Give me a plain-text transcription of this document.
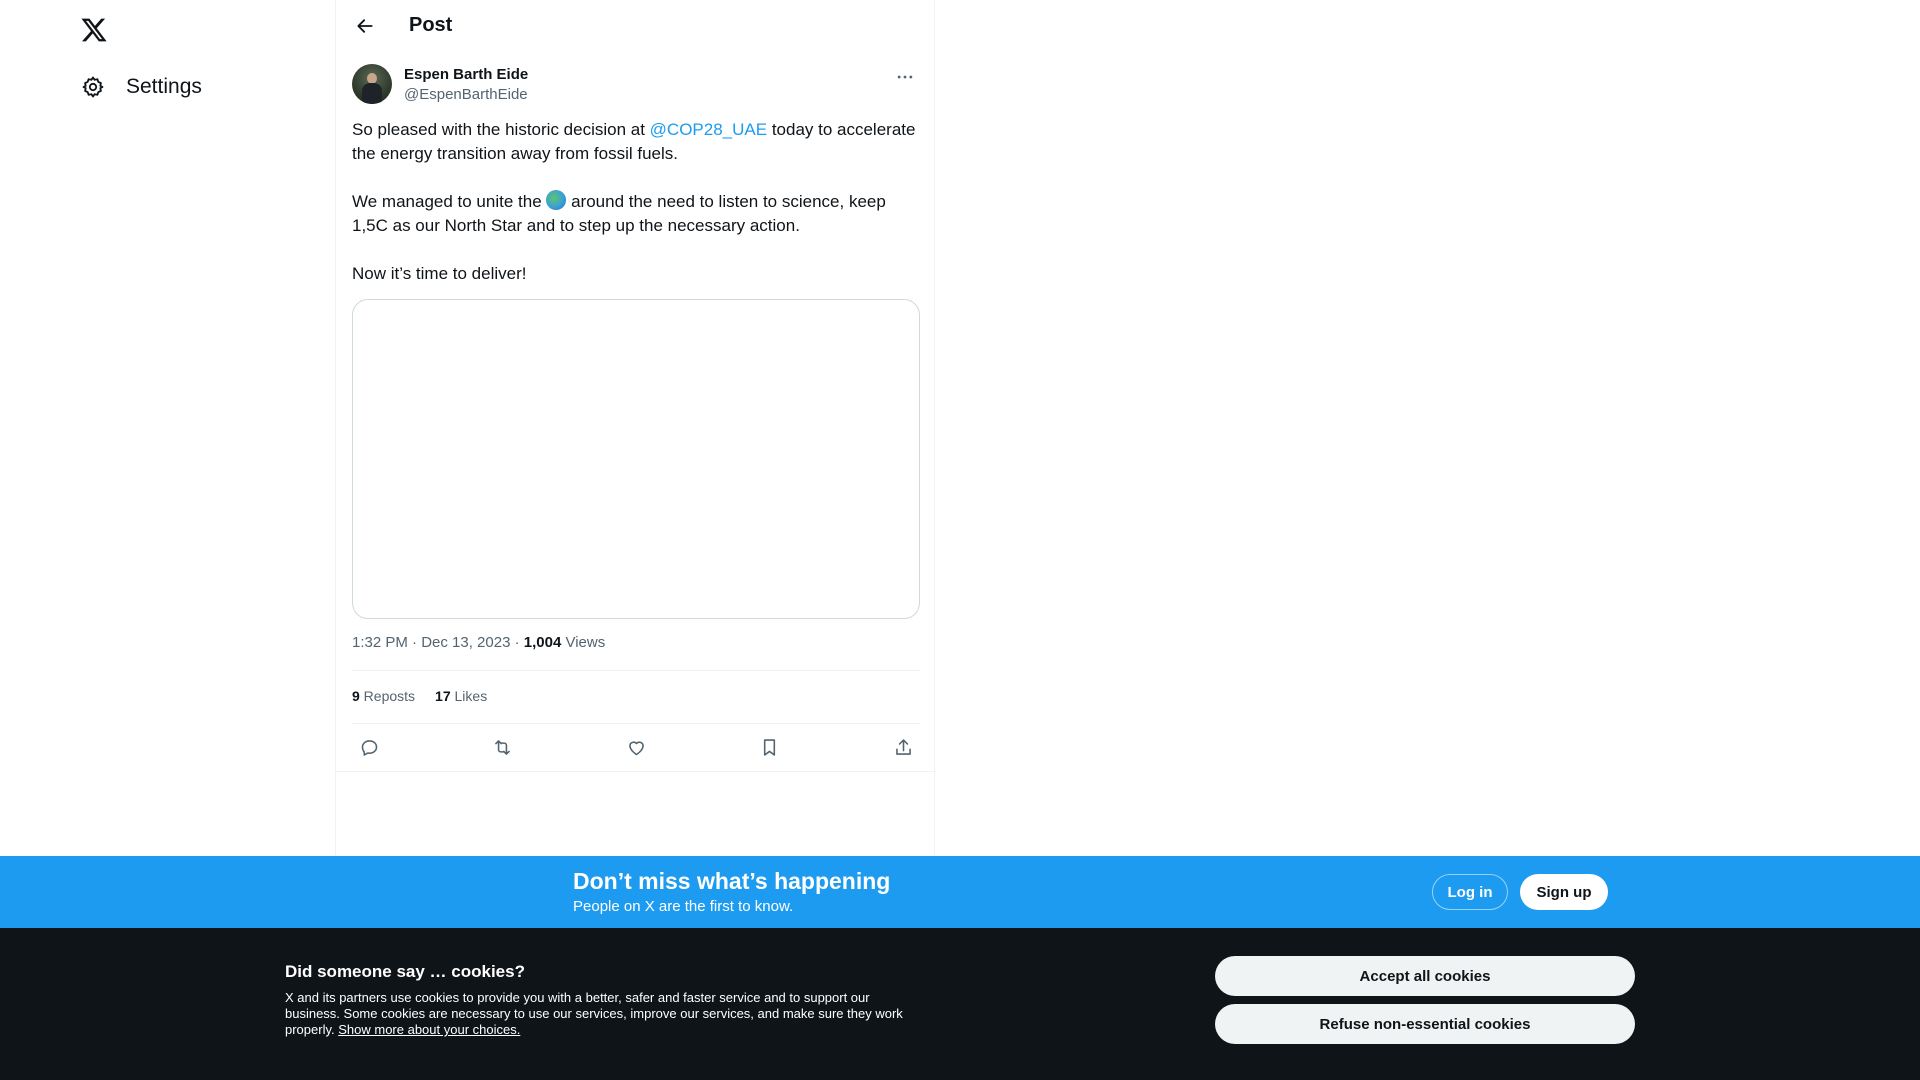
Settings
Post
Espen Barth Eide
@EspenBarthEide

So pleased with the historic decision at @COP28_UAE today to accelerate the energy transition away from fossil fuels.

We managed to unite the  around the need to listen to science, keep 1,5C as our North Star and to step up the necessary action.

Now it’s time to deliver!

1:32 PM · Dec 13, 2023 · 1,004 Views
9 Reposts 17 Likes
Don’t miss what’s happening
People on X are the first to know.
Log in	Sign up
Did someone say … cookies?
X and its partners use cookies to provide you with a better, safer and faster service and to support our business. Some cookies are necessary to use our services, improve our services, and make sure they work properly. Show more about your choices.
Accept all cookies
Refuse non-essential cookies
